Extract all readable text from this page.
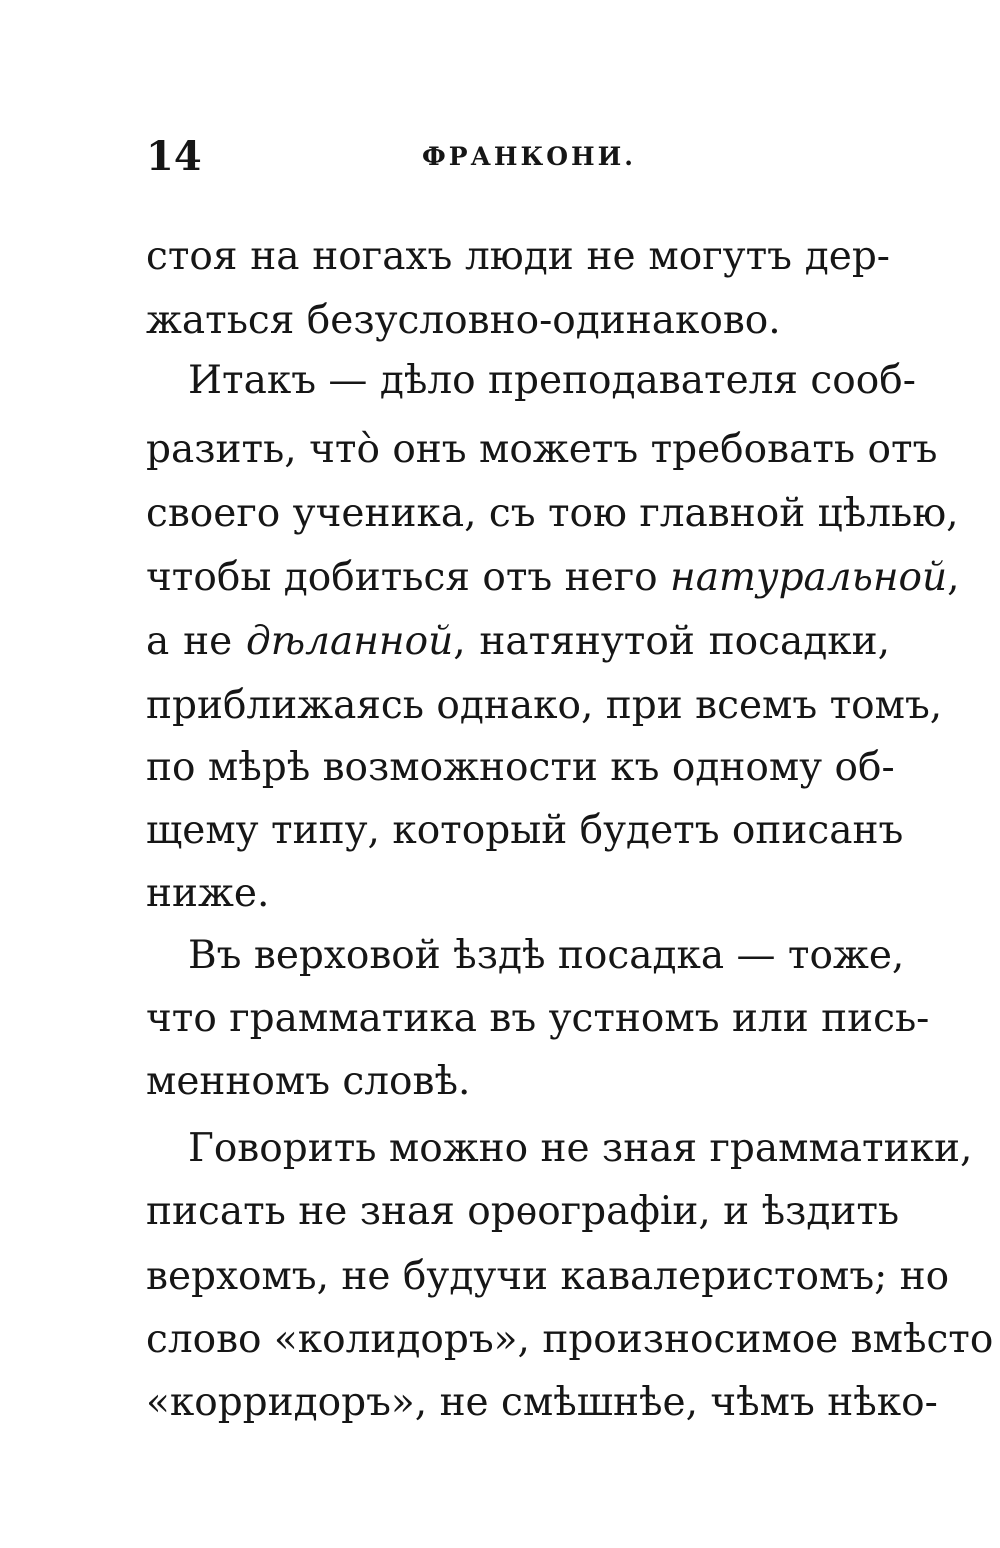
14	ФРАНКОНИ.
стоя на ногахъ люди не могутъ дер-
жаться безусловно-одинаково.
Итакъ — дѣло преподавателя сооб-
разить, что̀ онъ можетъ требовать отъ
своего ученика, съ тою главной цѣлью,
чтобы добиться отъ него натуральной,
а не дѣланной, натянутой посадки,
приближаясь однако, при всемъ томъ,
по мѣрѣ возможности къ одному об-
щему типу, который будетъ описанъ
ниже.
Въ верховой ѣздѣ посадка — тоже,
что грамматика въ устномъ или пись-
менномъ словѣ.
Говорить можно не зная грамматики,
писать не зная орѳографіи, и ѣздить
верхомъ, не будучи кавалеристомъ; но
слово «колидоръ», произносимое вмѣсто
«корридоръ», не смѣшнѣе, чѣмъ нѣко-
